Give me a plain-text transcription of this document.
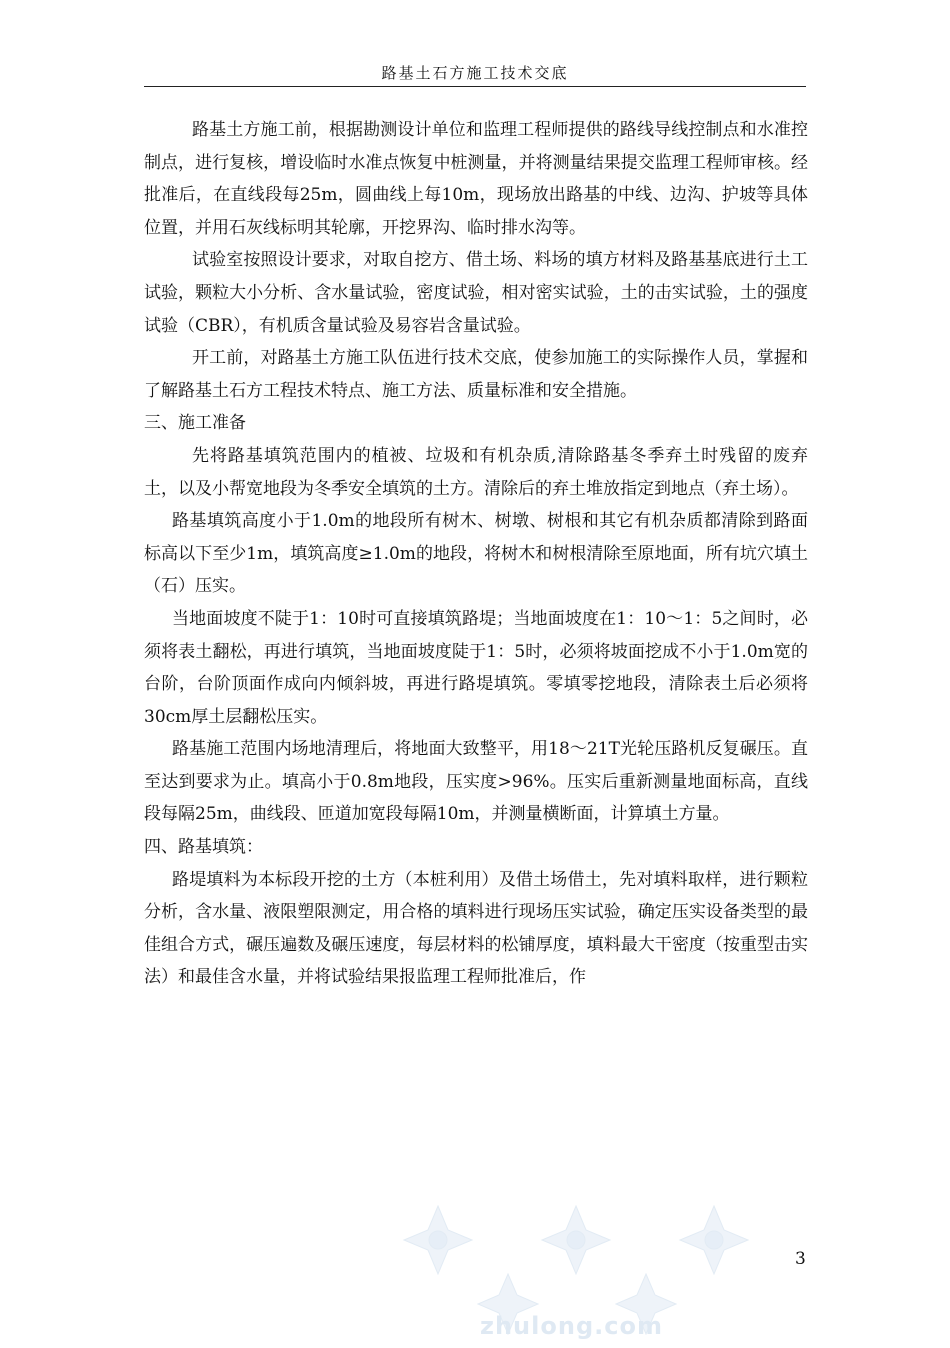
路基土石方施工技术交底

路基土方施工前，根据勘测设计单位和监理工程师提供的路线导线控制点和水准控制点，进行复核，增设临时水准点恢复中桩测量，并将测量结果提交监理工程师审核。经批准后，在直线段每25m，圆曲线上每10m，现场放出路基的中线、边沟、护坡等具体位置，并用石灰线标明其轮廓，开挖界沟、临时排水沟等。

试验室按照设计要求，对取自挖方、借土场、料场的填方材料及路基基底进行土工试验，颗粒大小分析、含水量试验，密度试验，相对密实试验，土的击实试验，土的强度试验（CBR），有机质含量试验及易容岩含量试验。

开工前，对路基土方施工队伍进行技术交底，使参加施工的实际操作人员，掌握和了解路基土石方工程技术特点、施工方法、质量标准和安全措施。

三、施工准备

先将路基填筑范围内的植被、垃圾和有机杂质,清除路基冬季弃土时残留的废弃土，以及小帮宽地段为冬季安全填筑的土方。清除后的弃土堆放指定到地点（弃土场）。

路基填筑高度小于1.0m的地段所有树木、树墩、树根和其它有机杂质都清除到路面标高以下至少1m，填筑高度≥1.0m的地段，将树木和树根清除至原地面，所有坑穴填土（石）压实。

当地面坡度不陡于1：10时可直接填筑路堤；当地面坡度在1：10～1：5之间时，必须将表土翻松，再进行填筑，当地面坡度陡于1：5时，必须将坡面挖成不小于1.0m宽的台阶，台阶顶面作成向内倾斜坡，再进行路堤填筑。零填零挖地段，清除表土后必须将30cm厚土层翻松压实。

路基施工范围内场地清理后，将地面大致整平，用18～21T光轮压路机反复碾压。直至达到要求为止。填高小于0.8m地段，压实度>96%。压实后重新测量地面标高，直线段每隔25m，曲线段、匝道加宽段每隔10m，并测量横断面，计算填土方量。

四、路基填筑：

路堤填料为本标段开挖的土方（本桩利用）及借土场借土，先对填料取样，进行颗粒分析，含水量、液限塑限测定，用合格的填料进行现场压实试验，确定压实设备类型的最佳组合方式，碾压遍数及碾压速度，每层材料的松铺厚度，填料最大干密度（按重型击实法）和最佳含水量，并将试验结果报监理工程师批准后，作

zhulong.com
3
